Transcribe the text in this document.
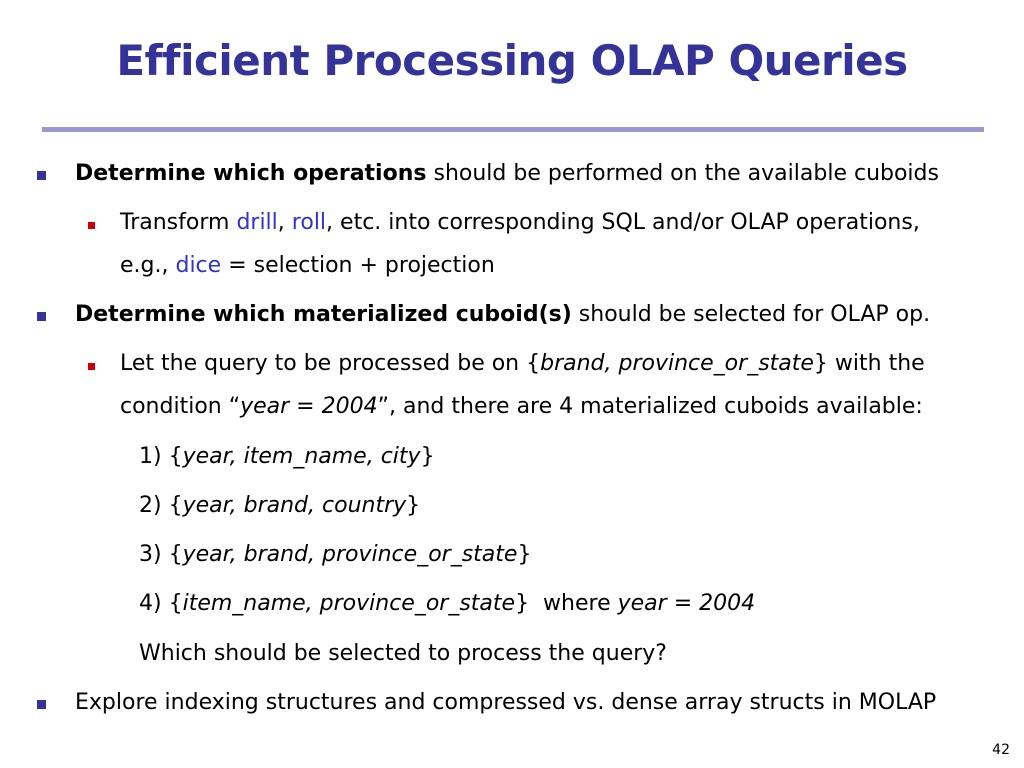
Efficient Processing OLAP Queries
Determine which operations should be performed on the available cuboids
Transform drill, roll, etc. into corresponding SQL and/or OLAP operations,
e.g., dice = selection + projection
Determine which materialized cuboid(s) should be selected for OLAP op.
Let the query to be processed be on {brand, province_or_state} with the
condition “year = 2004”, and there are 4 materialized cuboids available:
1) {year, item_name, city}
2) {year, brand, country}
3) {year, brand, province_or_state}
4) {item_name, province_or_state}  where year = 2004
Which should be selected to process the query?
Explore indexing structures and compressed vs. dense array structs in MOLAP
42
